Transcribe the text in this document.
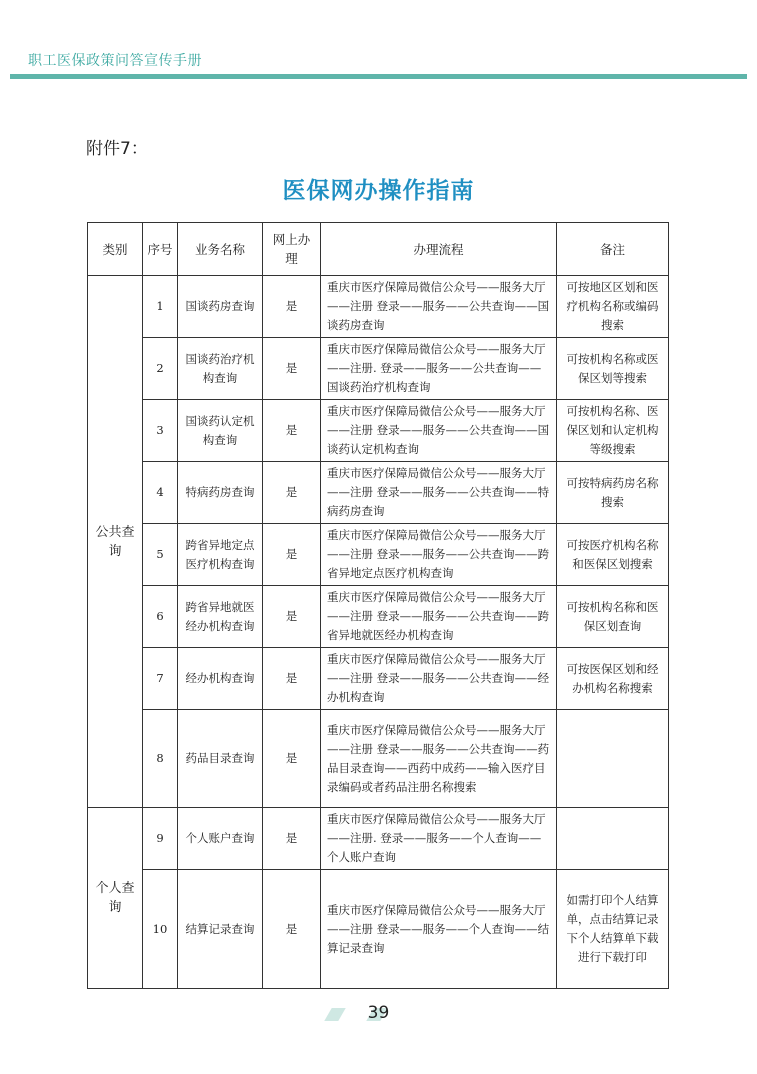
职工医保政策问答宣传手册
附件7：
医保网办操作指南
类别	序号	业务名称	网上办理	办理流程	备注
公共查询	1	国谈药房查询	是	重庆市医疗保障局微信公众号——服务大厅——注册 登录——服务——公共查询——国谈药房查询	可按地区区划和医疗机构名称或编码搜索
	2	国谈药治疗机构查询	是	重庆市医疗保障局微信公众号——服务大厅——注册. 登录——服务——公共查询——国谈药治疗机构查询	可按机构名称或医保区划等搜索
	3	国谈药认定机构查询	是	重庆市医疗保障局微信公众号——服务大厅——注册 登录——服务——公共查询——国谈药认定机构查询	可按机构名称、医保区划和认定机构等级搜索
	4	特病药房查询	是	重庆市医疗保障局微信公众号——服务大厅——注册 登录——服务——公共查询——特病药房查询	可按特病药房名称搜索
	5	跨省异地定点医疗机构查询	是	重庆市医疗保障局微信公众号——服务大厅——注册 登录——服务——公共查询——跨省异地定点医疗机构查询	可按医疗机构名称和医保区划搜索
	6	跨省异地就医经办机构查询	是	重庆市医疗保障局微信公众号——服务大厅——注册 登录——服务——公共查询——跨省异地就医经办机构查询	可按机构名称和医保区划查询
	7	经办机构查询	是	重庆市医疗保障局微信公众号——服务大厅——注册 登录——服务——公共查询——经办机构查询	可按医保区划和经办机构名称搜索
	8	药品目录查询	是	重庆市医疗保障局微信公众号——服务大厅——注册 登录——服务——公共查询——药品目录查询——西药中成药——输入医疗目录编码或者药品注册名称搜索	
个人查询	9	个人账户查询	是	重庆市医疗保障局微信公众号——服务大厅——注册. 登录——服务——个人查询——个人账户查询	
	10	结算记录查询	是	重庆市医疗保障局微信公众号——服务大厅——注册 登录——服务——个人查询——结算记录查询	如需打印个人结算单，点击结算记录下个人结算单下载进行下载打印
39
